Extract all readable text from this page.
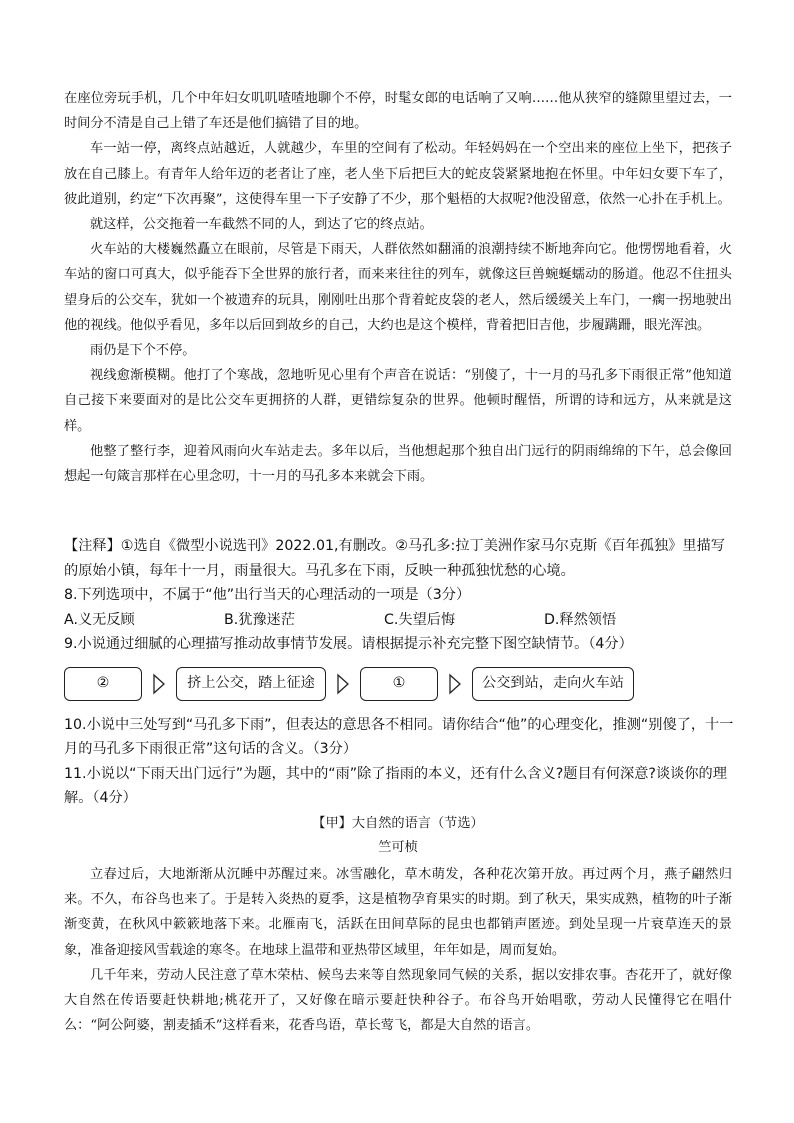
在座位旁玩手机，几个中年妇女叽叽喳喳地聊个不停，时髦女郎的电话响了又响……他从狭窄的缝隙里望过去，一时间分不清是自己上错了车还是他们搞错了目的地。

车一站一停，离终点站越近，人就越少，车里的空间有了松动。年轻妈妈在一个空出来的座位上坐下，把孩子放在自己膝上。有青年人给年迈的老者让了座，老人坐下后把巨大的蛇皮袋紧紧地抱在怀里。中年妇女要下车了，彼此道别，约定“下次再聚”，这使得车里一下子安静了不少，那个魁梧的大叔呢?他没留意，依然一心扑在手机上。

就这样，公交拖着一车截然不同的人，到达了它的终点站。

火车站的大楼巍然矗立在眼前，尽管是下雨天，人群依然如翻涌的浪潮持续不断地奔向它。他愣愣地看着，火车站的窗口可真大，似乎能吞下全世界的旅行者，而来来往往的列车，就像这巨兽蜿蜒蠕动的肠道。他忍不住扭头望身后的公交车，犹如一个被遗弃的玩具，刚刚吐出那个背着蛇皮袋的老人，然后缓缓关上车门，一瘸一拐地驶出他的视线。他似乎看见，多年以后回到故乡的自己，大约也是这个模样，背着把旧吉他，步履蹒跚，眼光浑浊。

雨仍是下个不停。

视线愈渐模糊。他打了个寒战，忽地听见心里有个声音在说话：“别傻了，十一月的马孔多下雨很正常”他知道自己接下来要面对的是比公交车更拥挤的人群，更错综复杂的世界。他顿时醒悟，所谓的诗和远方，从来就是这样。

他整了整行李，迎着风雨向火车站走去。多年以后，当他想起那个独自出门远行的阴雨绵绵的下午，总会像回想起一句箴言那样在心里念叨，十一月的马孔多本来就会下雨。

【注释】①选自《微型小说选刊》2022.01,有删改。②马孔多:拉丁美洲作家马尔克斯《百年孤独》里描写的原始小镇，每年十一月，雨量很大。马孔多在下雨，反映一种孤独忧愁的心境。

8.下列选项中，不属于“他”出行当天的心理活动的一项是（3分）

A.义无反顾	B.犹豫迷茫	C.失望后悔	D.释然领悟

9.小说通过细腻的心理描写推动故事情节发展。请根据提示补充完整下图空缺情节。（4分）

②	挤上公交，踏上征途	①	公交到站，走向火车站

10.小说中三处写到“马孔多下雨”，但表达的意思各不相同。请你结合“他”的心理变化，推测“别傻了，十一月的马孔多下雨很正常”这句话的含义。（3分）

11.小说以“下雨天出门远行”为题，其中的“雨”除了指雨的本义，还有什么含义?题目有何深意?谈谈你的理解。（4分）

【甲】大自然的语言（节选）

竺可桢

立春过后，大地渐渐从沉睡中苏醒过来。冰雪融化，草木萌发，各种花次第开放。再过两个月，燕子翩然归来。不久，布谷鸟也来了。于是转入炎热的夏季，这是植物孕育果实的时期。到了秋天，果实成熟，植物的叶子渐渐变黄，在秋风中簌簌地落下来。北雁南飞，活跃在田间草际的昆虫也都销声匿迹。到处呈现一片衰草连天的景象，准备迎接风雪载途的寒冬。在地球上温带和亚热带区域里，年年如是，周而复始。

几千年来，劳动人民注意了草木荣枯、候鸟去来等自然现象同气候的关系，据以安排农事。杏花开了，就好像大自然在传语要赶快耕地;桃花开了，又好像在暗示要赶快种谷子。布谷鸟开始唱歌，劳动人民懂得它在唱什么：“阿公阿婆，割麦插禾”这样看来，花香鸟语，草长莺飞，都是大自然的语言。
